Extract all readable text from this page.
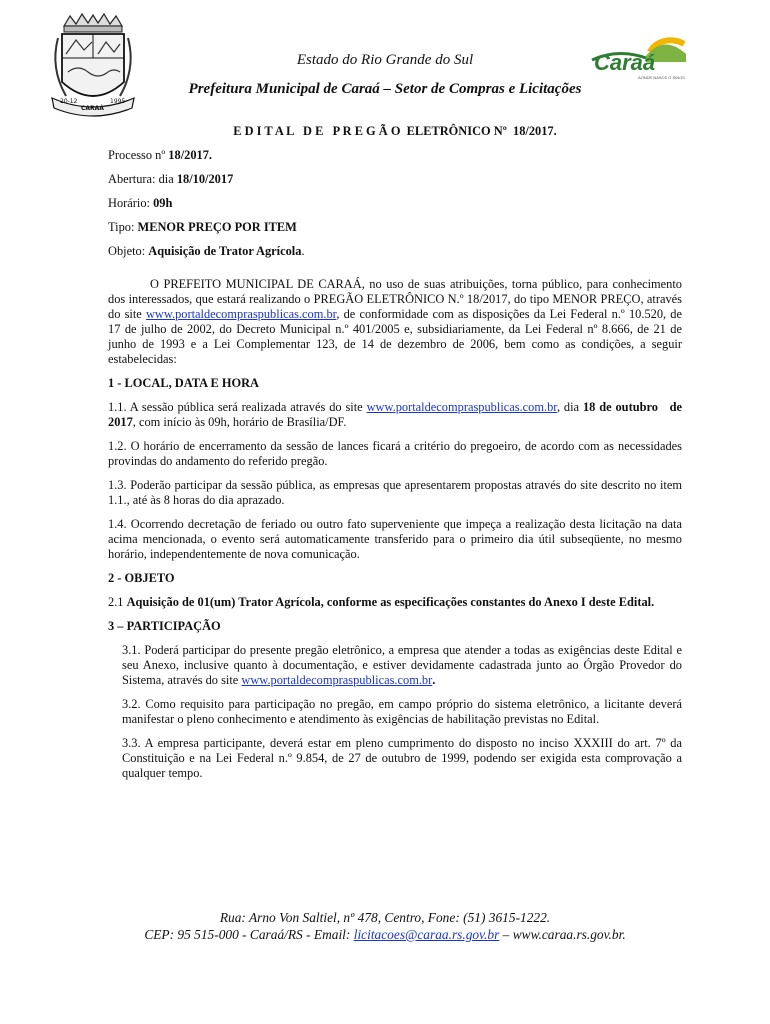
20-12
CARAÁ
1995
Caraá
AONDE NASCE O SINOS
Estado do Rio Grande do Sul
Prefeitura Municipal de Caraá – Setor de Compras e Licitações

E D I T A L   D E   P R E G Ã O  ELETRÔNICO Nº  18/2017.

Processo nº 18/2017.

Abertura: dia 18/10/2017

Horário: 09h

Tipo: MENOR PREÇO POR ITEM

Objeto: Aquisição de Trator Agrícola.

O PREFEITO MUNICIPAL DE CARAÁ, no uso de suas atribuições, torna público, para conhecimento dos interessados, que estará realizando o PREGÃO ELETRÔNICO N.º 18/2017, do tipo MENOR PREÇO, através do site www.portaldecompraspublicas.com.br, de conformidade com as disposições da Lei Federal n.º 10.520, de 17 de julho de 2002, do Decreto Municipal n.º 401/2005 e, subsidiariamente, da Lei Federal nº 8.666, de 21 de junho de 1993 e a Lei Complementar 123, de 14 de dezembro de 2006, bem como as condições, a seguir estabelecidas:

1 - LOCAL, DATA E HORA

1.1. A sessão pública será realizada através do site www.portaldecompraspublicas.com.br, dia 18 de outubro   de 2017, com início às 09h, horário de Brasília/DF.

1.2. O horário de encerramento da sessão de lances ficará a critério do pregoeiro, de acordo com as necessidades provindas do andamento do referido pregão.

1.3. Poderão participar da sessão pública, as empresas que apresentarem propostas através do site descrito no item 1.1., até às 8 horas do dia aprazado.

1.4. Ocorrendo decretação de feriado ou outro fato superveniente que impeça a realização desta licitação na data acima mencionada, o evento será automaticamente transferido para o primeiro dia útil subseqüente, no mesmo horário, independentemente de nova comunicação.

2 - OBJETO

2.1 Aquisição de 01(um) Trator Agrícola, conforme as especificações constantes do Anexo I deste Edital.

3 – PARTICIPAÇÃO

3.1. Poderá participar do presente pregão eletrônico, a empresa que atender a todas as exigências deste Edital e seu Anexo, inclusive quanto à documentação, e estiver devidamente cadastrada junto ao Órgão Provedor do Sistema, através do site www.portaldecompraspublicas.com.br.

3.2. Como requisito para participação no pregão, em campo próprio do sistema eletrônico, a licitante deverá manifestar o pleno conhecimento e atendimento às exigências de habilitação previstas no Edital.

3.3. A empresa participante, deverá estar em pleno cumprimento do disposto no inciso XXXIII do art. 7º da Constituição e na Lei Federal n.º 9.854, de 27 de outubro de 1999, podendo ser exigida esta comprovação a qualquer tempo.

Rua: Arno Von Saltiel, nº 478, Centro, Fone: (51) 3615-1222.
CEP: 95 515-000 - Caraá/RS - Email: licitacoes@caraa.rs.gov.br – www.caraa.rs.gov.br.
